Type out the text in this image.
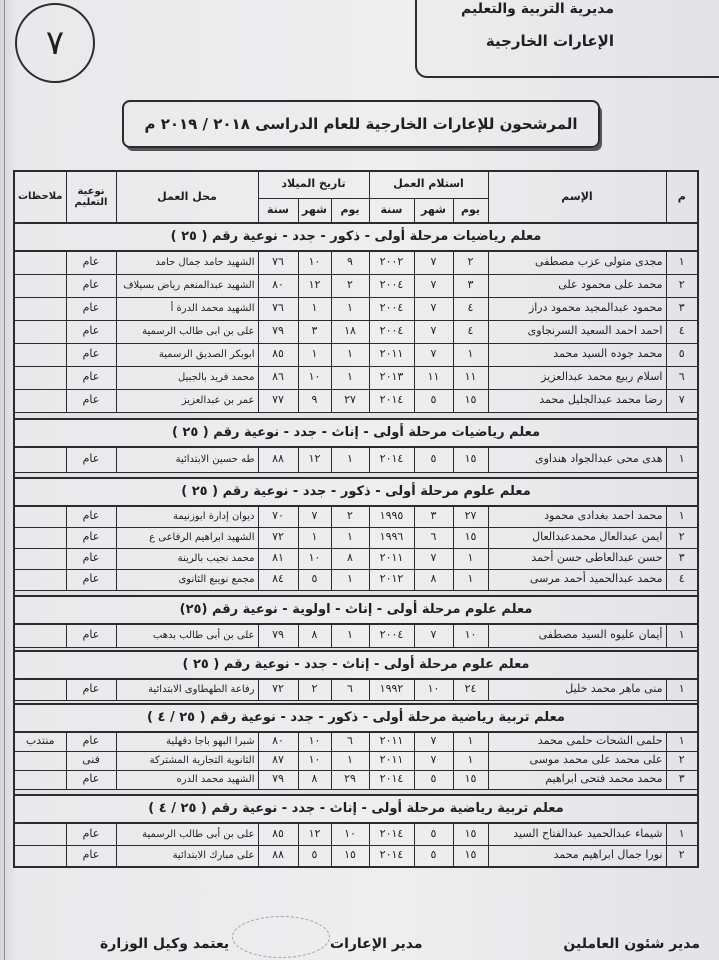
مديرية التربية والتعليم
الإعارات الخارجية
٧
المرشحون للإعارات الخارجية للعام الدراسى ٢٠١٨ / ٢٠١٩ م
م	الإسم	استلام العمل			تاريخ الميلاد			محل العمل	نوعية
التعليم	ملاحظات
		يوم	شهر	سنة	يوم	شهر	سنة			
معلم رياضيات مرحلة أولى - ذكور - جدد - نوعية رقم ( ٢٥ )										
١	مجدى متولى عزب مصطفى	٢	٧	٢٠٠٢	٩	١٠	٧٦	الشهيد حامد جمال حامد	عام	
٢	محمد على محمود على	٣	٧	٢٠٠٤	٢	١٢	٨٠	الشهيد عبدالمنعم رياض بسيلاف	عام	
٣	محمود عبدالمجيد محمود دراز	٤	٧	٢٠٠٤	١	١	٧٦	الشهيد محمد الدرة أ	عام	
٤	احمد احمد السعيد السرنجاوى	٤	٧	٢٠٠٤	١٨	٣	٧٩	على بن ابى طالب الرسمية	عام	
٥	محمد جوده السيد محمد	١	٧	٢٠١١	١	١	٨٥	ابوبكر الصديق الرسمية	عام	
٦	اسلام ربيع محمد عبدالعزيز	١١	١١	٢٠١٣	١	١٠	٨٦	محمد فريد بالجبيل	عام	
٧	رضا محمد عبدالجليل محمد	١٥	٥	٢٠١٤	٢٧	٩	٧٧	عمر بن عبدالعزيز	عام	

معلم رياضيات مرحلة أولى - إناث - جدد - نوعية رقم ( ٢٥ )										
١	هدى محى عبدالجواد هنداوى	١٥	٥	٢٠١٤	١	١٢	٨٨	طه حسين الابتدائية	عام	

معلم علوم مرحلة أولى - ذكور - جدد - نوعية رقم ( ٢٥ )										
١	محمد احمد بغدادى محمود	٢٧	٣	١٩٩٥	٢	٧	٧٠	ديوان إدارة ابوزنيمة	عام	
٢	ايمن عبدالعال محمدعبدالعال	١٥	٦	١٩٩٦	١	١	٧٢	الشهيد ابراهيم الرفاعى ع	عام	
٣	حسن عبدالعاطى حسن أحمد	١	٧	٢٠١١	٨	١٠	٨١	محمد نجيب بالرينة	عام	
٤	محمد عبدالحميد أحمد مرسى	١	٨	٢٠١٢	١	٥	٨٤	مجمع نويبع الثانوى	عام	

معلم علوم مرحلة أولى - إناث - اولوية - نوعية رقم (٢٥)										
١	أيمان عليوه السيد مصطفى	١٠	٧	٢٠٠٤	١	٨	٧٩	على بن أبى طالب بدهب	عام	

معلم علوم مرحلة أولى - إناث - جدد - نوعية رقم ( ٢٥ )										
١	منى ماهر محمد خليل	٢٤	١٠	١٩٩٢	٦	٢	٧٢	رفاعة الطهطاوى الابتدائية	عام	

معلم تربية رياضية مرحلة أولى - ذكور - جدد - نوعية رقم ( ٢٥ / ٤ )										
١	حلمى الشحات حلمى محمد	١	٧	٢٠١١	٦	١٠	٨٠	شبرا البهو باجا دقهلية	عام	منتدب
٢	على محمد على محمد موسى	١	٧	٢٠١١	١	١٠	٨٧	الثانوية التجارية المشتركة	فنى	
٣	محمد محمد فتحى ابراهيم	١٥	٥	٢٠١٤	٢٩	٨	٧٩	الشهيد محمد الدره	عام	

معلم تربية رياضية مرحلة أولى - إناث - جدد - نوعية رقم ( ٢٥ / ٤ )										
١	شيماء عبدالحميد عبدالفتاح السيد	١٥	٥	٢٠١٤	١٠	١٢	٨٥	على بن أبى طالب الرسمية	عام	
٢	نورا جمال ابراهيم محمد	١٥	٥	٢٠١٤	١٥	٥	٨٨	على مبارك الابتدائية	عام	
مدير شئون العاملين
مدير الإعارات
يعتمد وكيل الوزارة
